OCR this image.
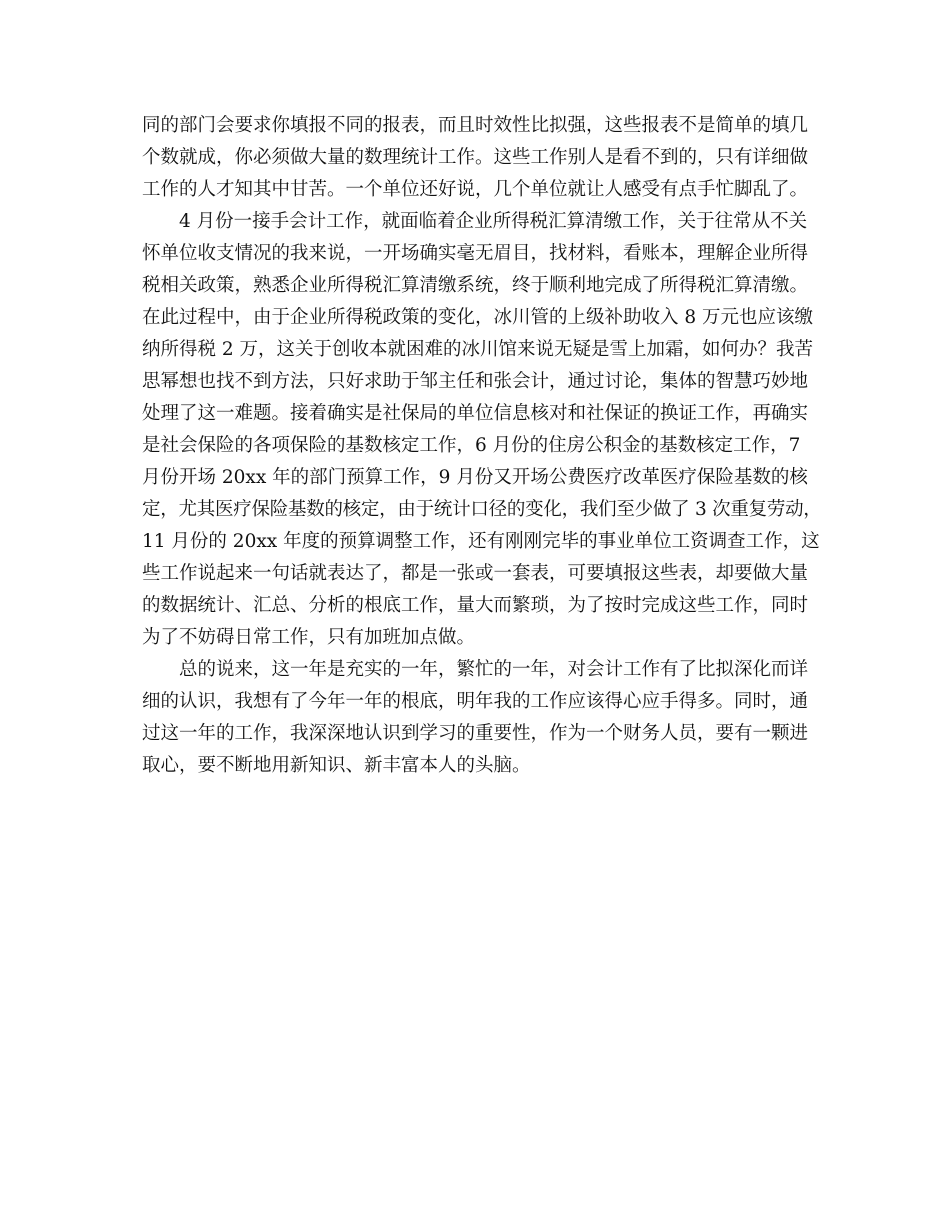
同的部门会要求你填报不同的报表，而且时效性比拟强，这些报表不是简单的填几
个数就成，你必须做大量的数理统计工作。这些工作别人是看不到的，只有详细做
工作的人才知其中甘苦。一个单位还好说，几个单位就让人感受有点手忙脚乱了。
4 月份一接手会计工作，就面临着企业所得税汇算清缴工作，关于往常从不关
怀单位收支情况的我来说，一开场确实毫无眉目，找材料，看账本，理解企业所得
税相关政策，熟悉企业所得税汇算清缴系统，终于顺利地完成了所得税汇算清缴。
在此过程中，由于企业所得税政策的变化，冰川管的上级补助收入 8 万元也应该缴
纳所得税 2 万，这关于创收本就困难的冰川馆来说无疑是雪上加霜，如何办？我苦
思幂想也找不到方法，只好求助于邹主任和张会计，通过讨论，集体的智慧巧妙地
处理了这一难题。接着确实是社保局的单位信息核对和社保证的换证工作，再确实
是社会保险的各项保险的基数核定工作，6 月份的住房公积金的基数核定工作，7
月份开场 20xx 年的部门预算工作，9 月份又开场公费医疗改革医疗保险基数的核
定，尤其医疗保险基数的核定，由于统计口径的变化，我们至少做了 3 次重复劳动，
11 月份的 20xx 年度的预算调整工作，还有刚刚完毕的事业单位工资调查工作，这
些工作说起来一句话就表达了，都是一张或一套表，可要填报这些表，却要做大量
的数据统计、汇总、分析的根底工作，量大而繁琐，为了按时完成这些工作，同时
为了不妨碍日常工作，只有加班加点做。
总的说来，这一年是充实的一年，繁忙的一年，对会计工作有了比拟深化而详
细的认识，我想有了今年一年的根底，明年我的工作应该得心应手得多。同时，通
过这一年的工作，我深深地认识到学习的重要性，作为一个财务人员，要有一颗进
取心，要不断地用新知识、新丰富本人的头脑。
